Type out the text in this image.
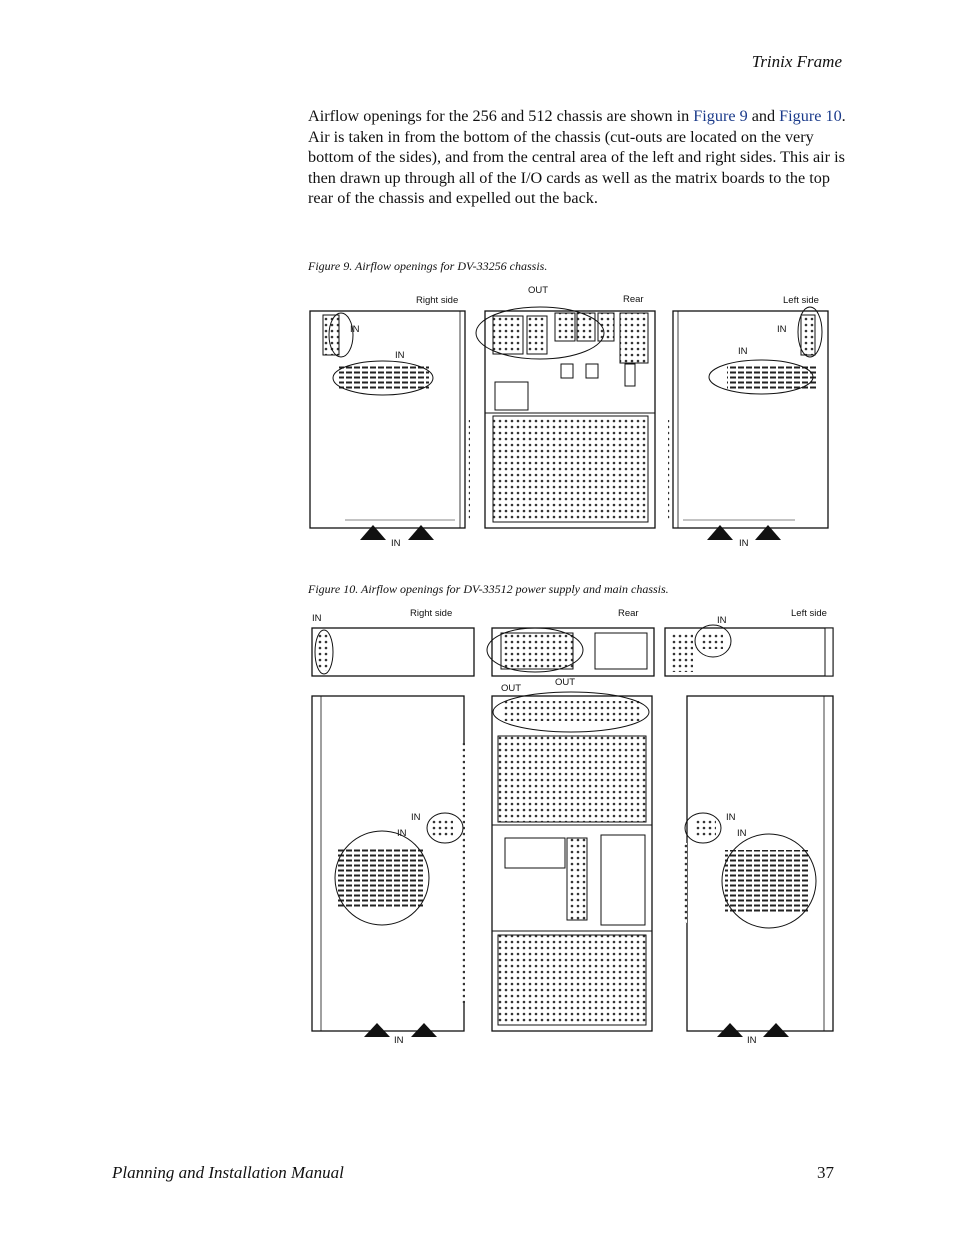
Trinix Frame

Airflow openings for the 256 and 512 chassis are shown in Figure 9 and Figure 10. Air is taken in from the bottom of the chassis (cut-outs are located on the very bottom of the sides), and from the central area of the left and right sides. This air is then drawn up through all of the I/O cards as well as the matrix boards to the top rear of the chassis and expelled out the back.

Figure 9. Airflow openings for DV-33256 chassis.
Right side
OUT
Rear	Left side
IN
IN
IN
IN
IN
IN
Figure 10. Airflow openings for DV-33512 power supply and main chassis.
IN	Right side	Rear
IN
Left side
OUT
OUT
IN
IN
IN
IN
IN
IN
Planning and Installation Manual	37
